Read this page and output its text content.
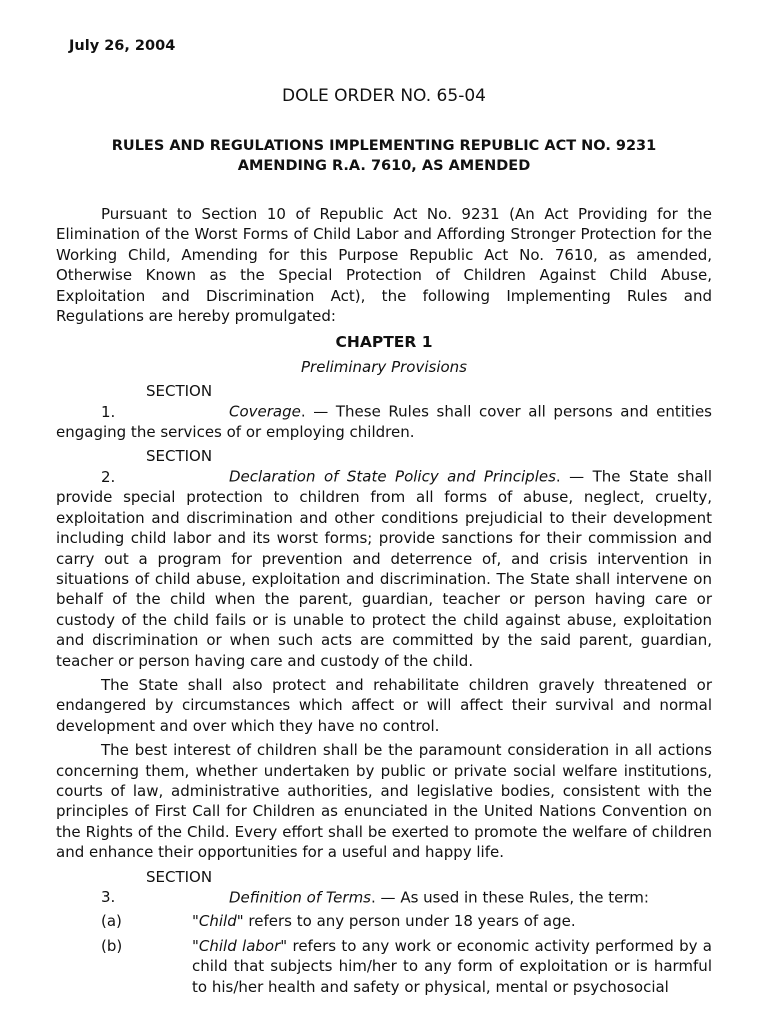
July 26, 2004
DOLE ORDER NO. 65-04
RULES AND REGULATIONS IMPLEMENTING REPUBLIC ACT NO. 9231
AMENDING R.A. 7610, AS AMENDED

Pursuant to Section 10 of Republic Act No. 9231 (An Act Providing for the Elimination of the Worst Forms of Child Labor and Affording Stronger Protection for the Working Child, Amending for this Purpose Republic Act No. 7610, as amended, Otherwise Known as the Special Protection of Children Against Child Abuse, Exploitation and Discrimination Act), the following Implementing Rules and Regulations are hereby promulgated:

CHAPTER 1

Preliminary Provisions

SECTION 1.	Coverage. — These Rules shall cover all persons and entities engaging the services of or employing children.

SECTION 2.	Declaration of State Policy and Principles. — The State shall provide special protection to children from all forms of abuse, neglect, cruelty, exploitation and discrimination and other conditions prejudicial to their development including child labor and its worst forms; provide sanctions for their commission and carry out a program for prevention and deterrence of, and crisis intervention in situations of child abuse, exploitation and discrimination. The State shall intervene on behalf of the child when the parent, guardian, teacher or person having care or custody of the child fails or is unable to protect the child against abuse, exploitation and discrimination or when such acts are committed by the said parent, guardian, teacher or person having care and custody of the child.

The State shall also protect and rehabilitate children gravely threatened or endangered by circumstances which affect or will affect their survival and normal development and over which they have no control.

The best interest of children shall be the paramount consideration in all actions concerning them, whether undertaken by public or private social welfare institutions, courts of law, administrative authorities, and legislative bodies, consistent with the principles of First Call for Children as enunciated in the United Nations Convention on the Rights of the Child. Every effort shall be exerted to promote the welfare of children and enhance their opportunities for a useful and happy life.

SECTION 3.	Definition of Terms. — As used in these Rules, the term:

(a)	"Child" refers to any person under 18 years of age.
(b)	"Child labor" refers to any work or economic activity performed by a child that subjects him/her to any form of exploitation or is harmful to his/her health and safety or physical, mental or psychosocial
